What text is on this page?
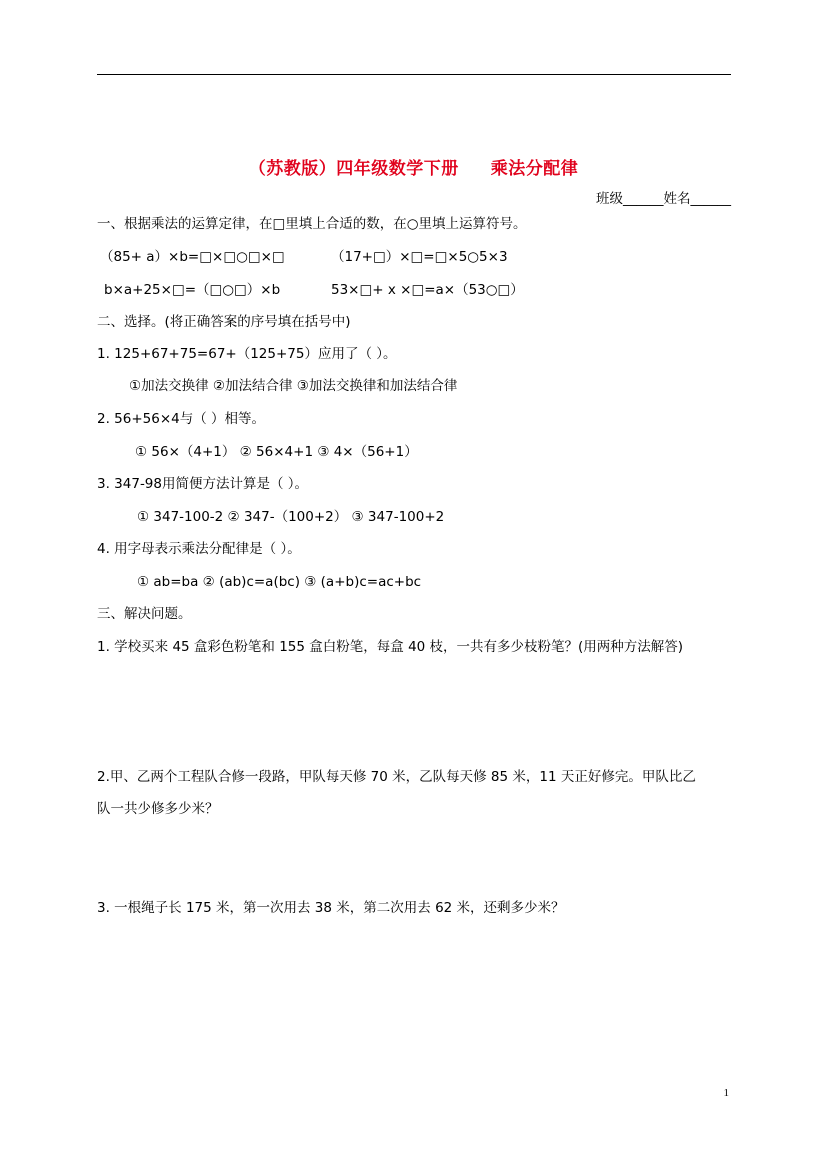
（苏教版）四年级数学下册 乘法分配律
班级______姓名______
一、根据乘法的运算定律，在□里填上合适的数，在○里填上运算符号。
（85+ a）×b=□×□○□×□	（17+□）×□=□×5○5×3
b×a+25×□=（□○□）×b	53×□+ x ×□=a×（53○□）
二、选择。(将正确答案的序号填在括号中)
1. 125+67+75=67+（125+75）应用了（ ）。
①加法交换律 ②加法结合律 ③加法交换律和加法结合律
2. 56+56×4与（ ）相等。
① 56×（4+1） ② 56×4+1 ③ 4×（56+1）
3. 347-98用简便方法计算是（ ）。
① 347-100-2 ② 347-（100+2） ③ 347-100+2
4. 用字母表示乘法分配律是（ ）。
① ab=ba ② (ab)c=a(bc) ③ (a+b)c=ac+bc
三、解决问题。
1. 学校买来 45 盒彩色粉笔和 155 盒白粉笔，每盒 40 枝，一共有多少枝粉笔？(用两种方法解答)
2.甲、乙两个工程队合修一段路，甲队每天修 70 米，乙队每天修 85 米，11 天正好修完。甲队比乙
队一共少修多少米？
3. 一根绳子长 175 米，第一次用去 38 米，第二次用去 62 米，还剩多少米？
1
